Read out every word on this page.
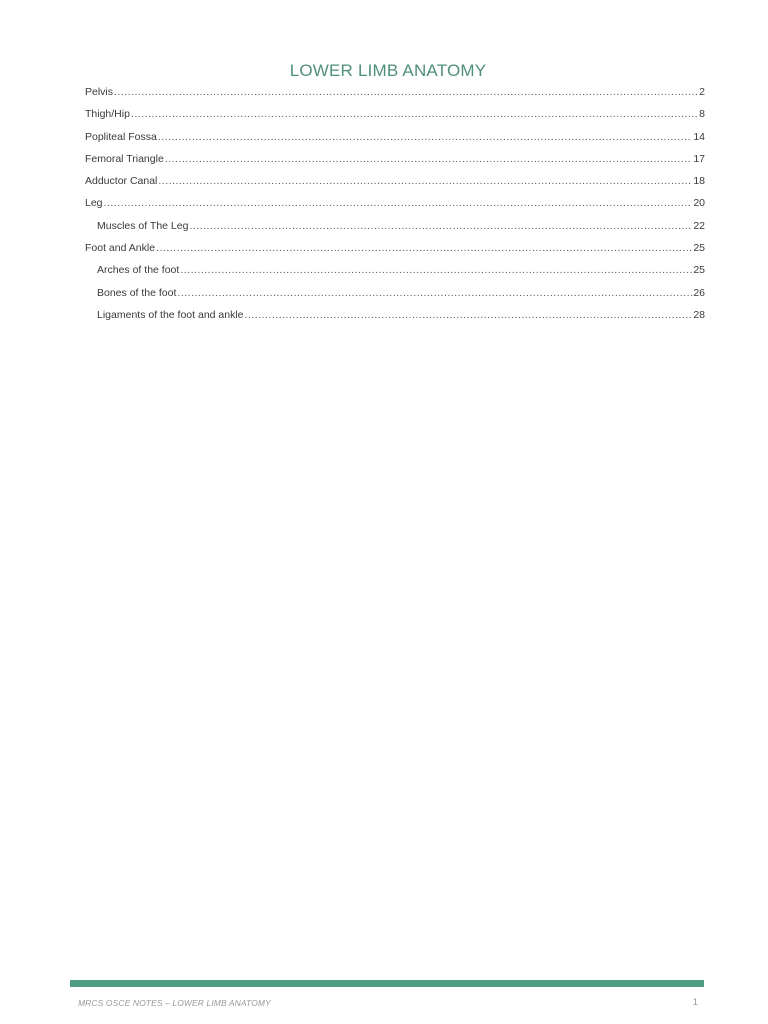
LOWER LIMB ANATOMY
Pelvis .....	2
Thigh/Hip .....	8
Popliteal Fossa .....	14
Femoral Triangle .....	17
Adductor Canal .....	18
Leg .....	20
Muscles of The Leg .....	22
Foot and Ankle .....	25
Arches of the foot .....	25
Bones of the foot .....	26
Ligaments of the foot and ankle .....	28
MRCS OSCE NOTES – LOWER LIMB ANATOMY	1
